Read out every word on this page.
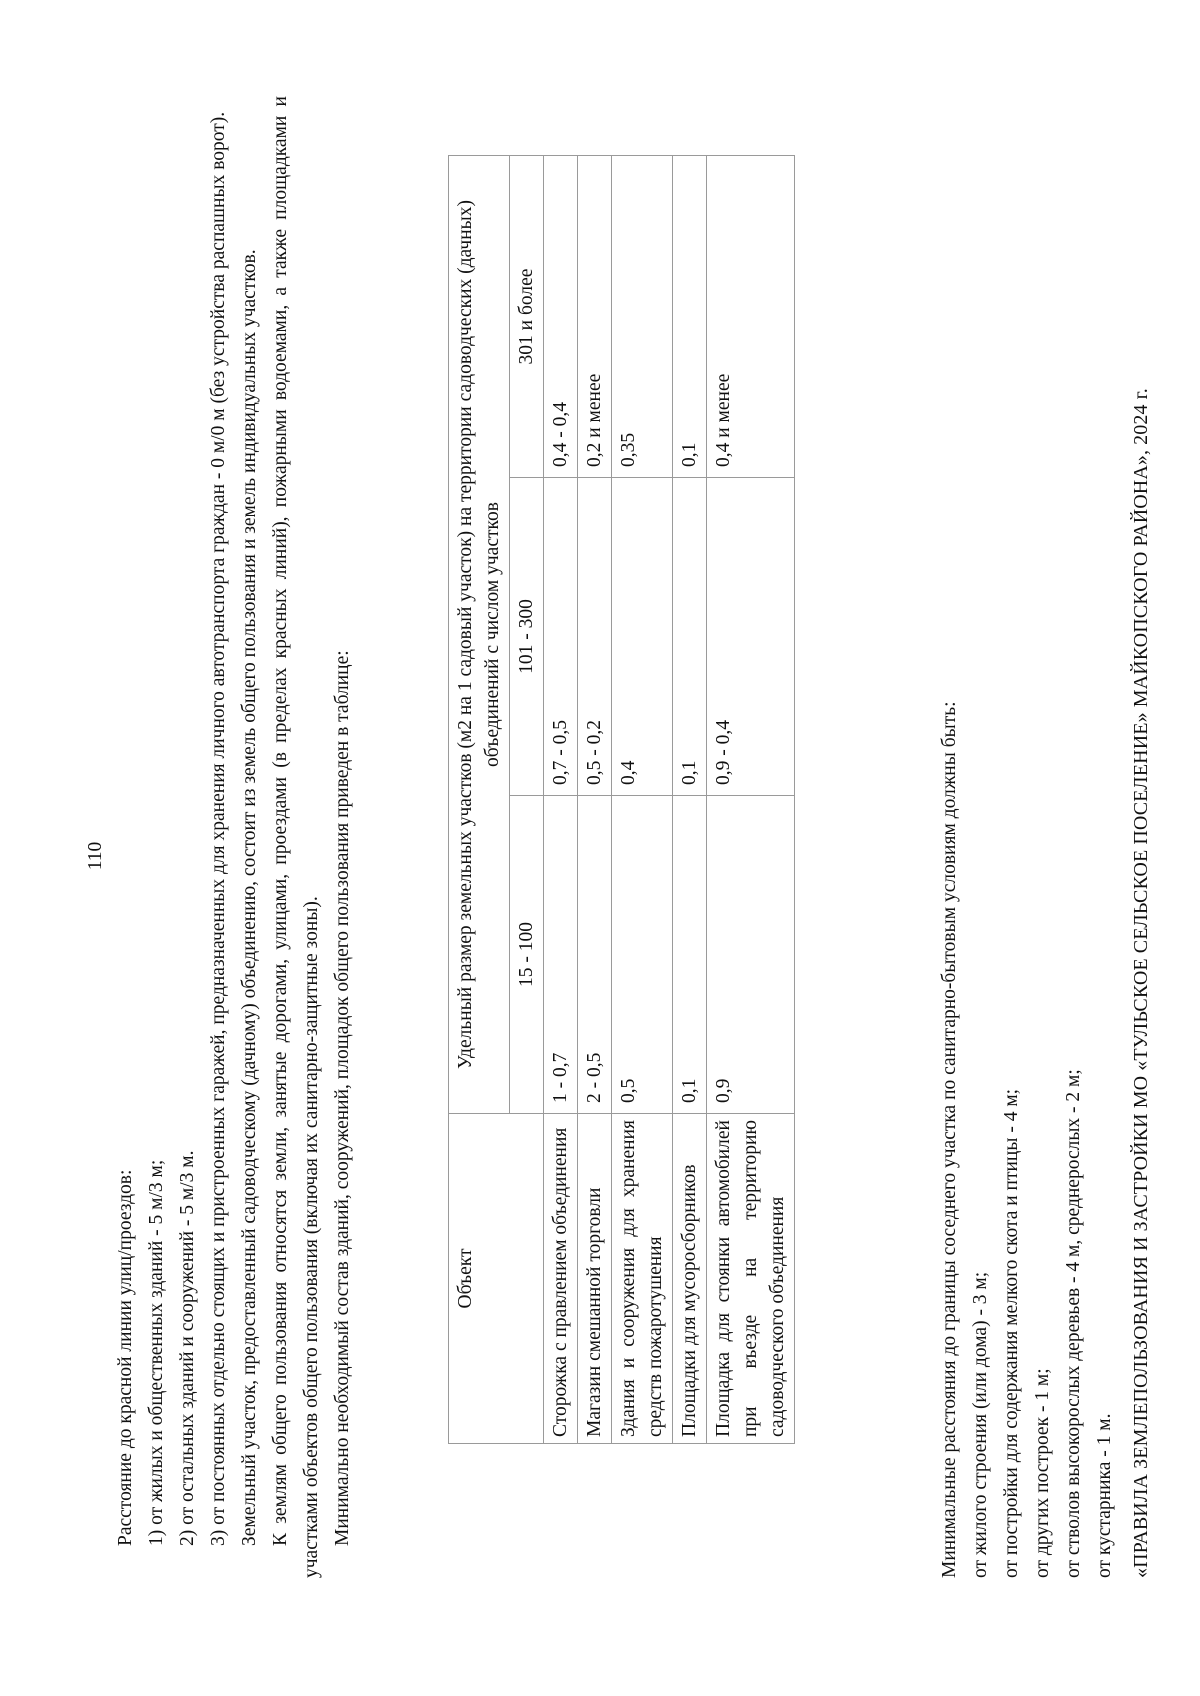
110

Расстояние до красной линии улиц/проездов: 1) от жилых и общественных зданий - 5 м/3 м; 2) от остальных зданий и сооружений - 5 м/3 м. 3) от постоянных отдельно стоящих и пристроенных гаражей, предназначенных для хранения личного автотранспорта граждан - 0 м/0 м (без устройства распашных ворот). Земельный участок, предоставленный садоводческому (дачному) объединению, состоит из земель общего пользования и земель индивидуальных участков. К землям общего пользования относятся земли, занятые дорогами, улицами, проездами (в пределах красных линий), пожарными водоемами, а также площадками и участками объектов общего пользования (включая их санитарно-защитные зоны). Минимально необходимый состав зданий, сооружений, площадок общего пользования приведен в таблице:	Объект	Удельный размер земельных участков (м2 на 1 садовый участок) на территории садоводческих (дачных) объединений с числом участков		
	15 - 100	101 - 300	301 и более
Сторожка с правлением объединения	1 - 0,7	0,7 - 0,5	0,4 - 0,4
Магазин смешанной торговли	2 - 0,5	0,5 - 0,2	0,2 и менее
Здания и сооружения для хранения средств пожаротушения	0,5	0,4	0,35
Площадки для мусоросборников	0,1	0,1	0,1
Площадка для стоянки автомобилей при въезде на территорию садоводческого объединения	0,9	0,9 - 0,4	0,4 и менее

Минимальные расстояния до границы соседнего участка по санитарно-бытовым условиям должны быть: от жилого строения (или дома) - 3 м; от постройки для содержания мелкого скота и птицы - 4 м; от других построек - 1 м; от стволов высокорослых деревьев - 4 м, среднерослых - 2 м; от кустарника - 1 м. «ПРАВИЛА ЗЕМЛЕПОЛЬЗОВАНИЯ И ЗАСТРОЙКИ МО «ТУЛЬСКОЕ СЕЛЬСКОЕ ПОСЕЛЕНИЕ» МАЙКОПСКОГО РАЙОНА», 2024 г.
